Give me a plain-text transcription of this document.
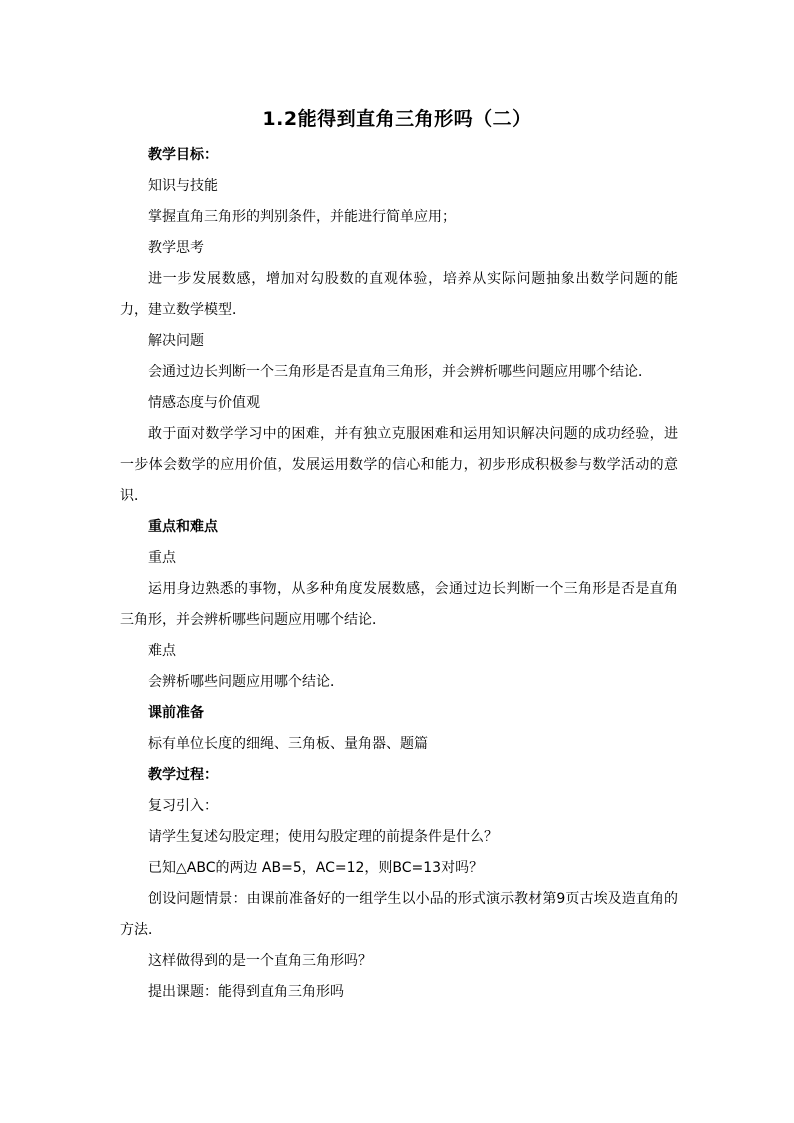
1.2能得到直角三角形吗（二）

教学目标：

知识与技能

掌握直角三角形的判别条件，并能进行简单应用；

教学思考

进一步发展数感，增加对勾股数的直观体验，培养从实际问题抽象出数学问题的能力，建立数学模型．

解决问题

会通过边长判断一个三角形是否是直角三角形，并会辨析哪些问题应用哪个结论．

情感态度与价值观

敢于面对数学学习中的困难，并有独立克服困难和运用知识解决问题的成功经验，进一步体会数学的应用价值，发展运用数学的信心和能力，初步形成积极参与数学活动的意识．

重点和难点

重点

运用身边熟悉的事物，从多种角度发展数感，会通过边长判断一个三角形是否是直角三角形，并会辨析哪些问题应用哪个结论．

难点

会辨析哪些问题应用哪个结论．

课前准备

标有单位长度的细绳、三角板、量角器、题篇

教学过程：

复习引入：

请学生复述勾股定理；使用勾股定理的前提条件是什么？

已知△ABC的两边 AB=5，AC=12，则BC=13对吗？

创设问题情景：由课前准备好的一组学生以小品的形式演示教材第9页古埃及造直角的方法．

这样做得到的是一个直角三角形吗？

提出课题：能得到直角三角形吗
